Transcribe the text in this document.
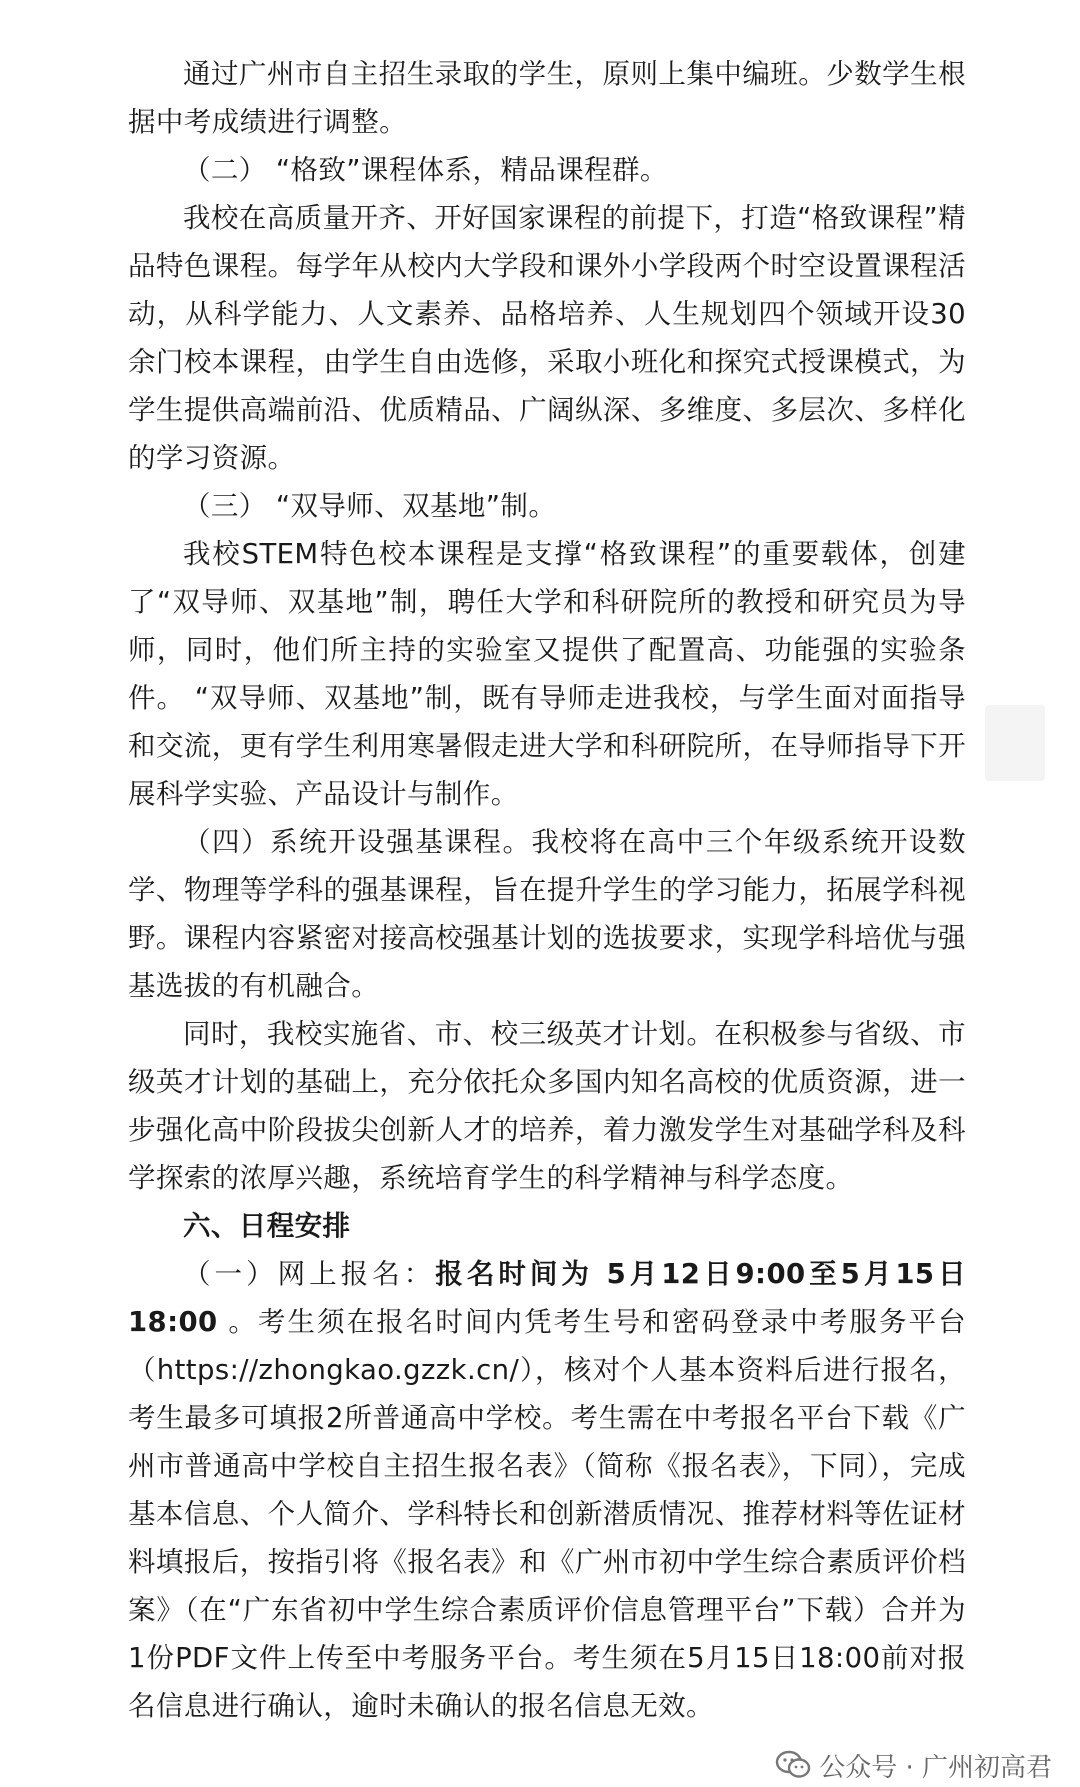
通过广州市自主招生录取的学生，原则上集中编班。少数学生根据中考成绩进行调整。

（二） “格致”课程体系，精品课程群。

我校在高质量开齐、开好国家课程的前提下，打造“格致课程”精品特色课程。每学年从校内大学段和课外小学段两个时空设置课程活动，从科学能力、人文素养、品格培养、人生规划四个领域开设30余门校本课程，由学生自由选修，采取小班化和探究式授课模式，为学生提供高端前沿、优质精品、广阔纵深、多维度、多层次、多样化的学习资源。

（三） “双导师、双基地”制。

我校STEM特色校本课程是支撑“格致课程”的重要载体，创建了“双导师、双基地”制，聘任大学和科研院所的教授和研究员为导师，同时，他们所主持的实验室又提供了配置高、功能强的实验条件。 “双导师、双基地”制，既有导师走进我校，与学生面对面指导和交流，更有学生利用寒暑假走进大学和科研院所，在导师指导下开展科学实验、产品设计与制作。

（四）系统开设强基课程。我校将在高中三个年级系统开设数学、物理等学科的强基课程，旨在提升学生的学习能力，拓展学科视野。课程内容紧密对接高校强基计划的选拔要求，实现学科培优与强基选拔的有机融合。

同时，我校实施省、市、校三级英才计划。在积极参与省级、市级英才计划的基础上，充分依托众多国内知名高校的优质资源，进一步强化高中阶段拔尖创新人才的培养，着力激发学生对基础学科及科学探索的浓厚兴趣，系统培育学生的科学精神与科学态度。

六、日程安排

（一）网上报名：报名时间为 5月12日9:00至5月15日18:00 。考生须在报名时间内凭考生号和密码登录中考服务平台（https://zhongkao.gzzk.cn/），核对个人基本资料后进行报名，考生最多可填报2所普通高中学校。考生需在中考报名平台下载《广州市普通高中学校自主招生报名表》（简称《报名表》，下同），完成基本信息、个人简介、学科特长和创新潜质情况、推荐材料等佐证材料填报后，按指引将《报名表》和《广州市初中学生综合素质评价档案》（在“广东省初中学生综合素质评价信息管理平台”下载）合并为1份PDF文件上传至中考服务平台。考生须在5月15日18:00前对报名信息进行确认，逾时未确认的报名信息无效。

公众号 · 广州初高君
